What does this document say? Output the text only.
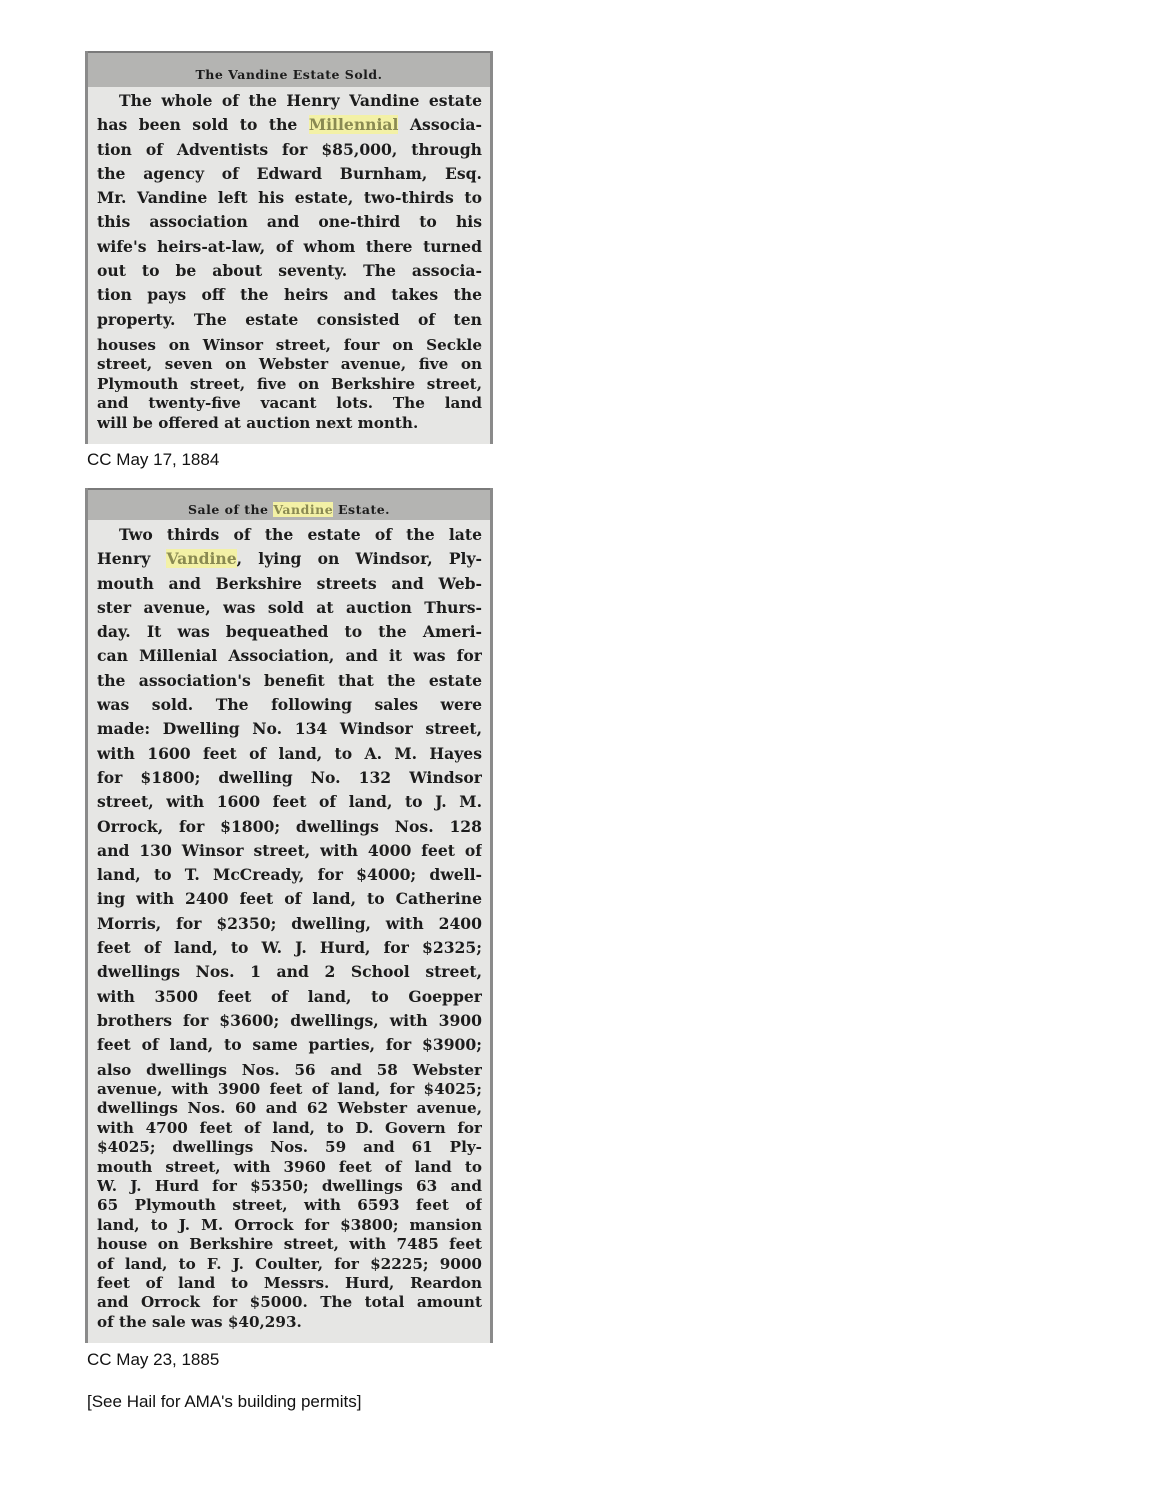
The Vandine Estate Sold.
The whole of the Henry Vandine estate
has been sold to the Millennial Associa-
tion of Adventists for $85,000, through
the agency of Edward Burnham, Esq.
Mr. Vandine left his estate, two-thirds to
this association and one-third to his
wife's heirs-at-law, of whom there turned
out to be about seventy. The associa-
tion pays off the heirs and takes the
property. The estate consisted of ten
houses on Winsor street, four on Seckle
street, seven on Webster avenue, five on
Plymouth street, five on Berkshire street,
and twenty-five vacant lots. The land
will be offered at auction next month.
CC May 17, 1884
Sale of the Vandine Estate.
Two thirds of the estate of the late
Henry Vandine, lying on Windsor, Ply-
mouth and Berkshire streets and Web-
ster avenue, was sold at auction Thurs-
day. It was bequeathed to the Ameri-
can Millenial Association, and it was for
the association's benefit that the estate
was sold. The following sales were
made: Dwelling No. 134 Windsor street,
with 1600 feet of land, to A. M. Hayes
for $1800; dwelling No. 132 Windsor
street, with 1600 feet of land, to J. M.
Orrock, for $1800; dwellings Nos. 128
and 130 Winsor street, with 4000 feet of
land, to T. McCready, for $4000; dwell-
ing with 2400 feet of land, to Catherine
Morris, for $2350; dwelling, with 2400
feet of land, to W. J. Hurd, for $2325;
dwellings Nos. 1 and 2 School street,
with 3500 feet of land, to Goepper
brothers for $3600; dwellings, with 3900
feet of land, to same parties, for $3900;
also dwellings Nos. 56 and 58 Webster
avenue, with 3900 feet of land, for $4025;
dwellings Nos. 60 and 62 Webster avenue,
with 4700 feet of land, to D. Govern for
$4025; dwellings Nos. 59 and 61 Ply-
mouth street, with 3960 feet of land to
W. J. Hurd for $5350; dwellings 63 and
65 Plymouth street, with 6593 feet of
land, to J. M. Orrock for $3800; mansion
house on Berkshire street, with 7485 feet
of land, to F. J. Coulter, for $2225; 9000
feet of land to Messrs. Hurd, Reardon
and Orrock for $5000. The total amount
of the sale was $40,293.
CC May 23, 1885
[See Hail for AMA's building permits]
